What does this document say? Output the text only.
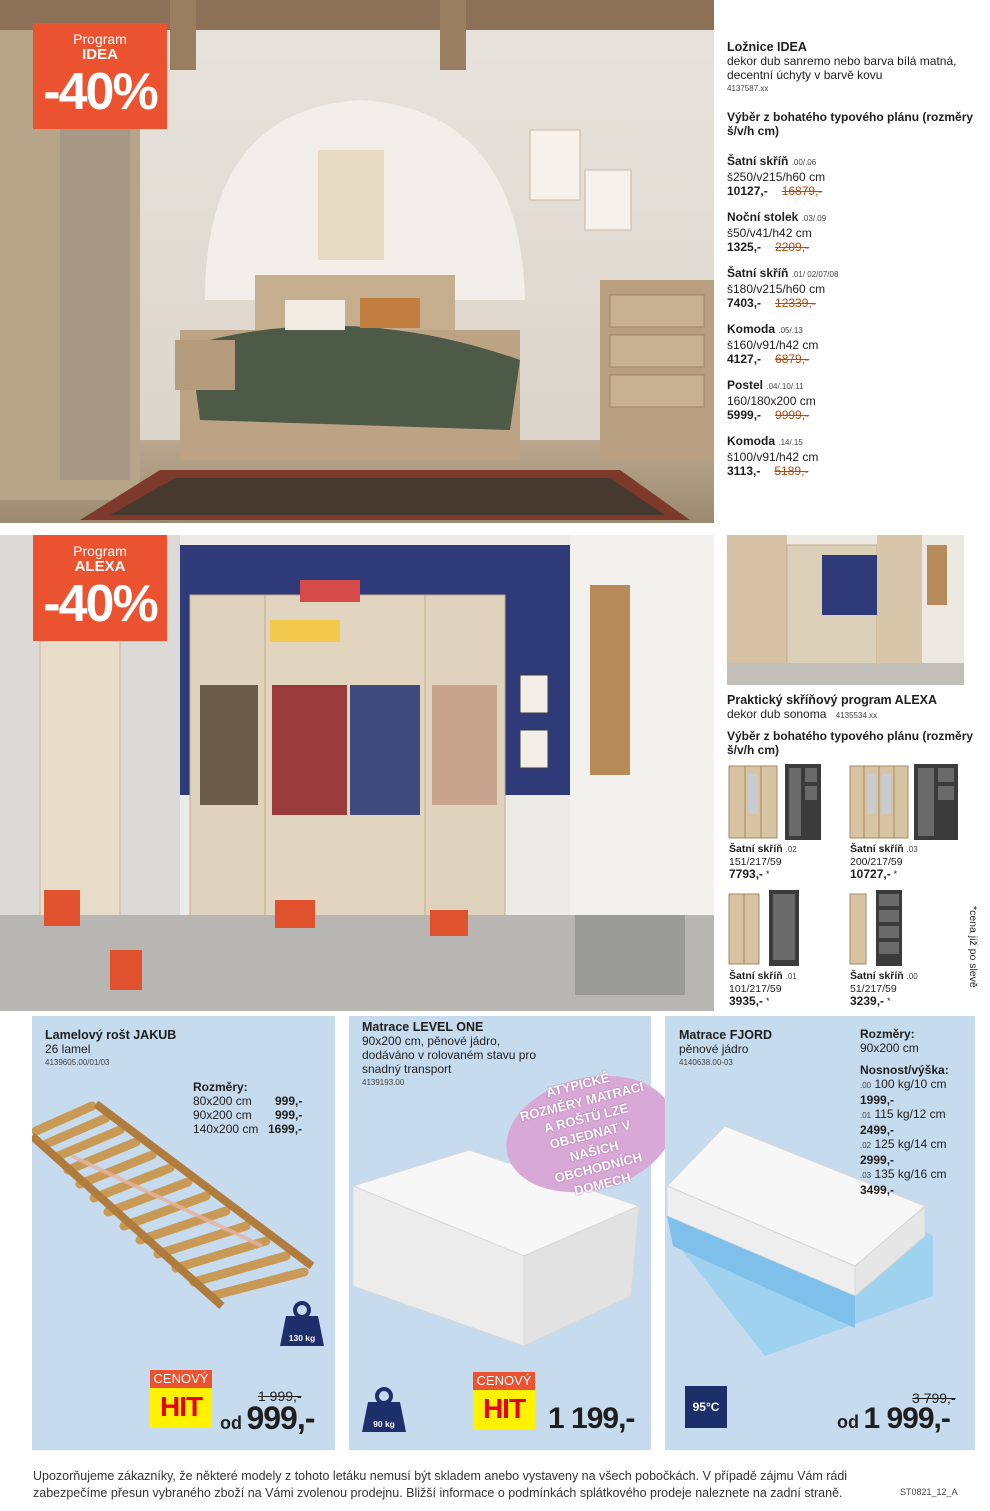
Program
IDEA
-40%
Ložnice IDEA
dekor dub sanremo nebo barva bílá matná, decentní úchyty v barvě kovu
4137587.xx
Výběr z bohatého typového plánu (rozměry š/v/h cm)
Šatní skříň .00/.06
š250/v215/h60 cm
10127,- 16879,-
Noční stolek .03/.09
š50/v41/h42 cm
1325,- 2209,-
Šatní skříň .01/ 02/07/08
š180/v215/h60 cm
7403,- 12339,-
Komoda .05/.13
š160/v91/h42 cm
4127,- 6879,-
Postel .04/.10/.11
160/180x200 cm
5999,- 9999,-
Komoda .14/.15
š100/v91/h42 cm
3113,- 5189,-
Program
ALEXA
-40%
Praktický skříňový program ALEXA
dekor dub sonoma 4135534.xx
Výběr z bohatého typového plánu (rozměry š/v/h cm)
Šatní skříň .02
151/217/59
7793,- *
Šatní skříň .03
200/217/59
10727,- *
Šatní skříň .01
101/217/59
3935,- *
Šatní skříň .00
51/217/59
3239,- *
*cena již po slevě
Lamelový rošt JAKUB
26 lamel
4139605.00/01/03
Rozměry:
80x200 cm 999,-
90x200 cm 999,-
140x200 cm 1699,-
130 kg
CENOVÝ
HIT	1 999,-
od 999,-
Matrace LEVEL ONE
90x200 cm, pěnové jádro, dodáváno v rolovaném stavu pro snadný transport
4139193.00	ATYPICKÉ ROZMĚRY MATRACÍ A ROŠTŮ LZE OBJEDNAT V NAŠICH OBCHODNÍCH DOMECH
90 kg
CENOVÝ
HIT 1 199,-
Matrace FJORD
pěnové jádro
4140638.00-03
Rozměry:
90x200 cm
Nosnost/výška:
.00 100 kg/10 cm
1999,-
.01 115 kg/12 cm
2499,-
.02 125 kg/14 cm
2999,-
.03 135 kg/16 cm
3499,-
95°C
3 799,-
od 1 999,-
Upozorňujeme zákazníky, že některé modely z tohoto letáku nemusí být skladem anebo vystaveny na všech pobočkách. V případě zájmu Vám rádi zabezpečíme přesun vybraného zboží na Vámi zvolenou prodejnu. Bližší informace o podmínkách splátkového prodeje naleznete na zadní straně.	ST0821_12_A
